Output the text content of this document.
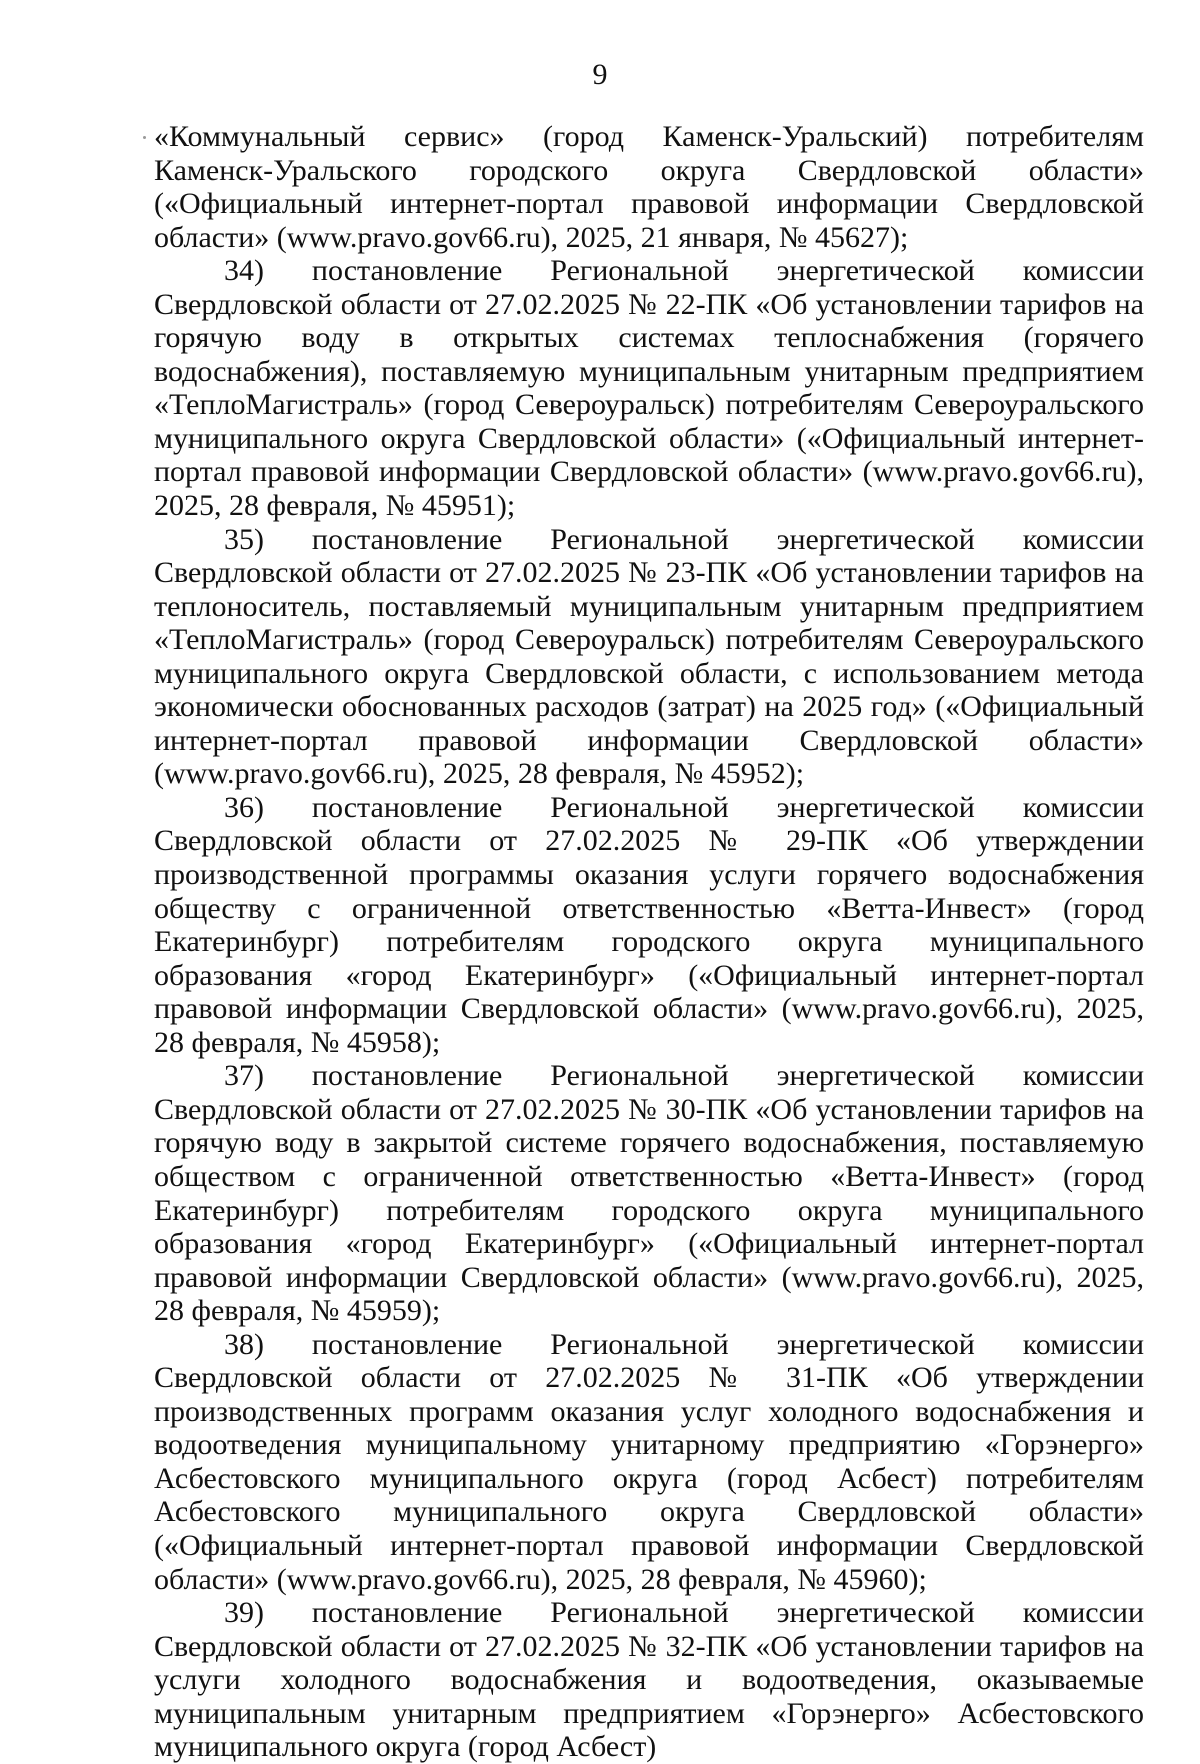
9

«Коммунальный сервис» (город Каменск-Уральский) потребителям Каменск-Уральского городского округа Свердловской области» («Официальный интернет-портал правовой информации Свердловской области» (www.pravo.gov66.ru), 2025, 21 января, № 45627);

34) постановление Региональной энергетической комиссии Свердловской области от 27.02.2025 № 22-ПК «Об установлении тарифов на горячую воду в открытых системах теплоснабжения (горячего водоснабжения), поставляемую муниципальным унитарным предприятием «ТеплоМагистраль» (город Североуральск) потребителям Североуральского муниципального округа Свердловской области» («Официальный интернет-портал правовой информации Свердловской области» (www.pravo.gov66.ru), 2025, 28 февраля, № 45951);

35) постановление Региональной энергетической комиссии Свердловской области от 27.02.2025 № 23-ПК «Об установлении тарифов на теплоноситель, поставляемый муниципальным унитарным предприятием «ТеплоМагистраль» (город Североуральск) потребителям Североуральского муниципального округа Свердловской области, с использованием метода экономически обоснованных расходов (затрат) на 2025 год» («Официальный интернет-портал правовой информации Свердловской области» (www.pravo.gov66.ru), 2025, 28 февраля, № 45952);

36) постановление Региональной энергетической комиссии Свердловской области от 27.02.2025 № 29-ПК «Об утверждении производственной программы оказания услуги горячего водоснабжения обществу с ограниченной ответственностью «Ветта-Инвест» (город Екатеринбург) потребителям городского округа муниципального образования «город Екатеринбург» («Официальный интернет-портал правовой информации Свердловской области» (www.pravo.gov66.ru), 2025, 28 февраля, № 45958);

37) постановление Региональной энергетической комиссии Свердловской области от 27.02.2025 № 30-ПК «Об установлении тарифов на горячую воду в закрытой системе горячего водоснабжения, поставляемую обществом с ограниченной ответственностью «Ветта-Инвест» (город Екатеринбург) потребителям городского округа муниципального образования «город Екатеринбург» («Официальный интернет-портал правовой информации Свердловской области» (www.pravo.gov66.ru), 2025, 28 февраля, № 45959);

38) постановление Региональной энергетической комиссии Свердловской области от 27.02.2025 № 31-ПК «Об утверждении производственных программ оказания услуг холодного водоснабжения и водоотведения муниципальному унитарному предприятию «Горэнерго» Асбестовского муниципального округа (город Асбест) потребителям Асбестовского муниципального округа Свердловской области» («Официальный интернет-портал правовой информации Свердловской области» (www.pravo.gov66.ru), 2025, 28 февраля, № 45960);

39) постановление Региональной энергетической комиссии Свердловской области от 27.02.2025 № 32-ПК «Об установлении тарифов на услуги холодного водоснабжения и водоотведения, оказываемые муниципальным унитарным предприятием «Горэнерго» Асбестовского муниципального округа (город Асбест)
